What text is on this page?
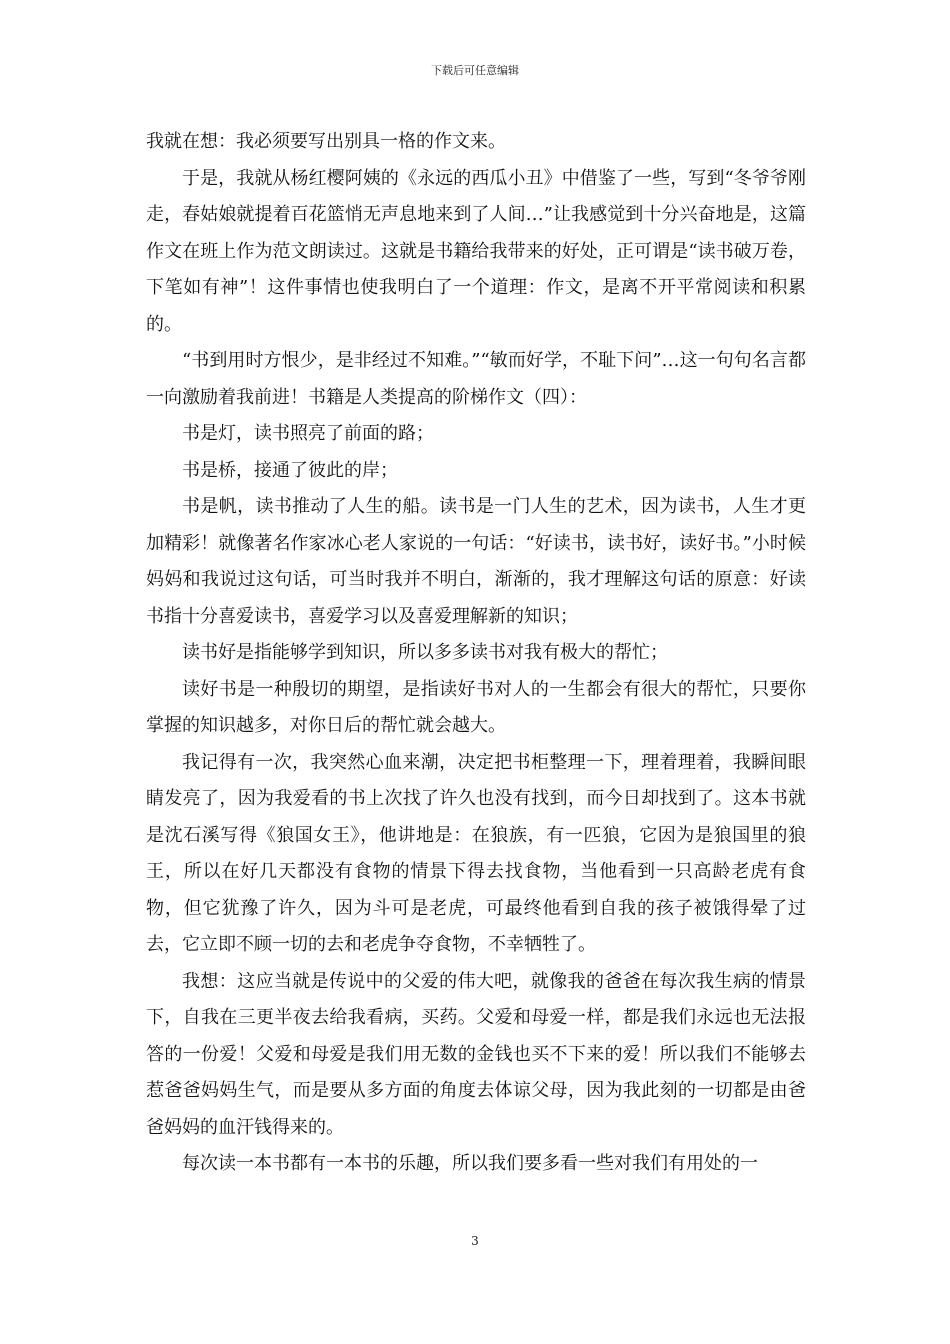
下载后可任意编辑

我就在想：我必须要写出别具一格的作文来。

于是，我就从杨红樱阿姨的《永远的西瓜小丑》中借鉴了一些，写到“冬爷爷刚走，春姑娘就提着百花篮悄无声息地来到了人间…”让我感觉到十分兴奋地是，这篇作文在班上作为范文朗读过。这就是书籍给我带来的好处，正可谓是“读书破万卷，下笔如有神”！这件事情也使我明白了一个道理：作文，是离不开平常阅读和积累的。

“书到用时方恨少，是非经过不知难。”“敏而好学，不耻下问”…这一句句名言都一向激励着我前进！书籍是人类提高的阶梯作文（四）：

书是灯，读书照亮了前面的路；

书是桥，接通了彼此的岸；

书是帆，读书推动了人生的船。读书是一门人生的艺术，因为读书，人生才更加精彩！就像著名作家冰心老人家说的一句话：“好读书，读书好，读好书。”小时候妈妈和我说过这句话，可当时我并不明白，渐渐的，我才理解这句话的原意：好读书指十分喜爱读书，喜爱学习以及喜爱理解新的知识；

读书好是指能够学到知识，所以多多读书对我有极大的帮忙；

读好书是一种殷切的期望，是指读好书对人的一生都会有很大的帮忙，只要你掌握的知识越多，对你日后的帮忙就会越大。

我记得有一次，我突然心血来潮，决定把书柜整理一下，理着理着，我瞬间眼睛发亮了，因为我爱看的书上次找了许久也没有找到，而今日却找到了。这本书就是沈石溪写得《狼国女王》，他讲地是：在狼族，有一匹狼，它因为是狼国里的狼王，所以在好几天都没有食物的情景下得去找食物，当他看到一只高龄老虎有食物，但它犹豫了许久，因为斗可是老虎，可最终他看到自我的孩子被饿得晕了过去，它立即不顾一切的去和老虎争夺食物，不幸牺牲了。

我想：这应当就是传说中的父爱的伟大吧，就像我的爸爸在每次我生病的情景下，自我在三更半夜去给我看病，买药。父爱和母爱一样，都是我们永远也无法报答的一份爱！父爱和母爱是我们用无数的金钱也买不下来的爱！所以我们不能够去惹爸爸妈妈生气，而是要从多方面的角度去体谅父母，因为我此刻的一切都是由爸爸妈妈的血汗钱得来的。

每次读一本书都有一本书的乐趣，所以我们要多看一些对我们有用处的一

3
